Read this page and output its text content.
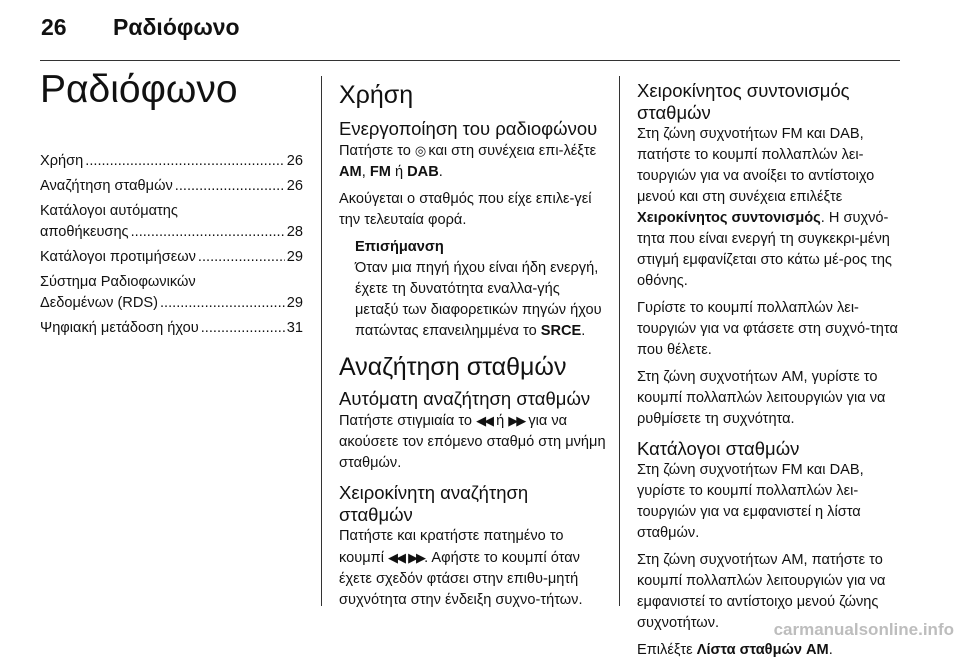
26 Ραδιόφωνο
Ραδιόφωνο
Χρήση .....	26
Αναζήτηση σταθμών .....	26
Κατάλογοι αυτόματης
αποθήκευσης .....	28
Κατάλογοι προτιμήσεων .....	29
Σύστημα Ραδιοφωνικών
Δεδομένων (RDS) .....	29
Ψηφιακή μετάδοση ήχου .....	31
Χρήση
Ενεργοποίηση του ραδιοφώνου

Πατήστε το ◎ και στη συνέχεια επι-λέξτε AM, FM ή DAB.

Ακούγεται ο σταθμός που είχε επιλε-γεί την τελευταία φορά.

Επισήμανση
Όταν μια πηγή ήχου είναι ήδη ενεργή, έχετε τη δυνατότητα εναλλα-γής μεταξύ των διαφορετικών πηγών ήχου πατώντας επανειλημμένα το SRCE.
Αναζήτηση σταθμών
Αυτόματη αναζήτηση σταθμών

Πατήστε στιγμιαία το ◀◀ ή ▶▶ για να ακούσετε τον επόμενο σταθμό στη μνήμη σταθμών.

Χειροκίνητη αναζήτηση σταθμών

Πατήστε και κρατήστε πατημένο το κουμπί ◀◀ ▶▶. Αφήστε το κουμπί όταν έχετε σχεδόν φτάσει στην επιθυ-μητή συχνότητα στην ένδειξη συχνο-τήτων.

Χειροκίνητος συντονισμός σταθμών

Στη ζώνη συχνοτήτων FM και DAB, πατήστε το κουμπί πολλαπλών λει-τουργιών για να ανοίξει το αντίστοιχο μενού και στη συνέχεια επιλέξτε Χειροκίνητος συντονισμός. Η συχνό-τητα που είναι ενεργή τη συγκεκρι-μένη στιγμή εμφανίζεται στο κάτω μέ-ρος της οθόνης.

Γυρίστε το κουμπί πολλαπλών λει-τουργιών για να φτάσετε στη συχνό-τητα που θέλετε.

Στη ζώνη συχνοτήτων AM, γυρίστε το κουμπί πολλαπλών λειτουργιών για να ρυθμίσετε τη συχνότητα.

Κατάλογοι σταθμών

Στη ζώνη συχνοτήτων FM και DAB, γυρίστε το κουμπί πολλαπλών λει-τουργιών για να εμφανιστεί η λίστα σταθμών.

Στη ζώνη συχνοτήτων AM, πατήστε το κουμπί πολλαπλών λειτουργιών για να εμφανιστεί το αντίστοιχο μενού ζώνης συχνοτήτων.

Επιλέξτε Λίστα σταθμών AM.

carmanualsonline.info
